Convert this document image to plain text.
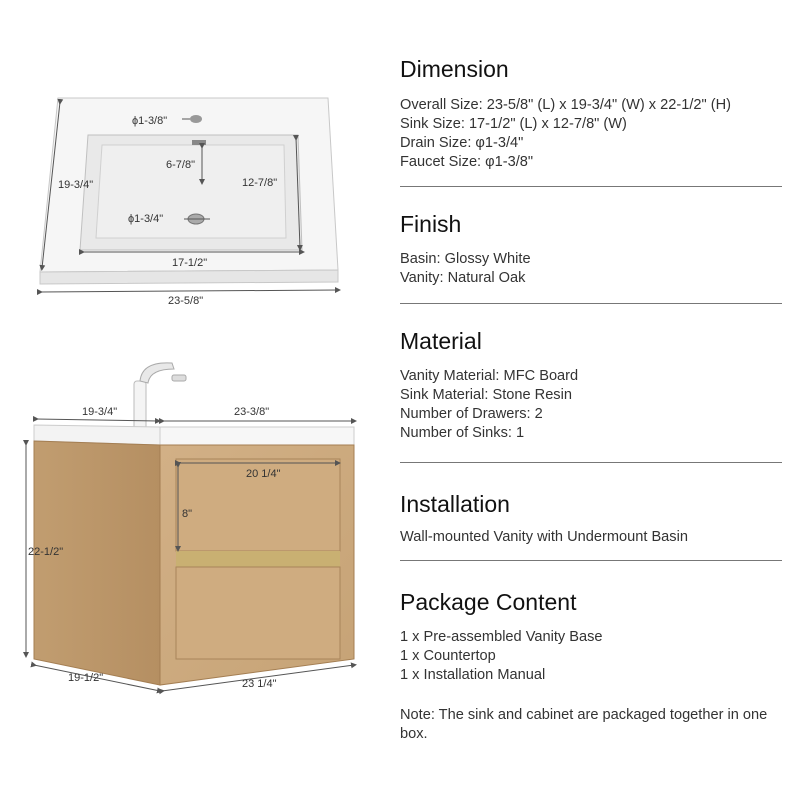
ϕ1-3/8"
19-3/4"
6-7/8"
12-7/8"
ϕ1-3/4"
17-1/2"
23-5/8"
19-3/4"	23-3/8"
20 1/4"
8"
22-1/2"
19-1/2"	23 1/4"
Dimension
Overall Size: 23-5/8" (L) x 19-3/4" (W) x 22-1/2" (H)
Sink Size: 17-1/2" (L) x 12-7/8" (W)
Drain Size: φ1-3/4"
Faucet Size: φ1-3/8"
Finish
Basin: Glossy White
Vanity: Natural Oak
Material
Vanity Material: MFC Board
Sink Material: Stone Resin
Number of Drawers: 2
Number of Sinks: 1
Installation
Wall-mounted Vanity with Undermount Basin
Package Content
1 x Pre-assembled Vanity Base
1 x Countertop
1 x Installation Manual
Note: The sink and cabinet are packaged together in one box.
